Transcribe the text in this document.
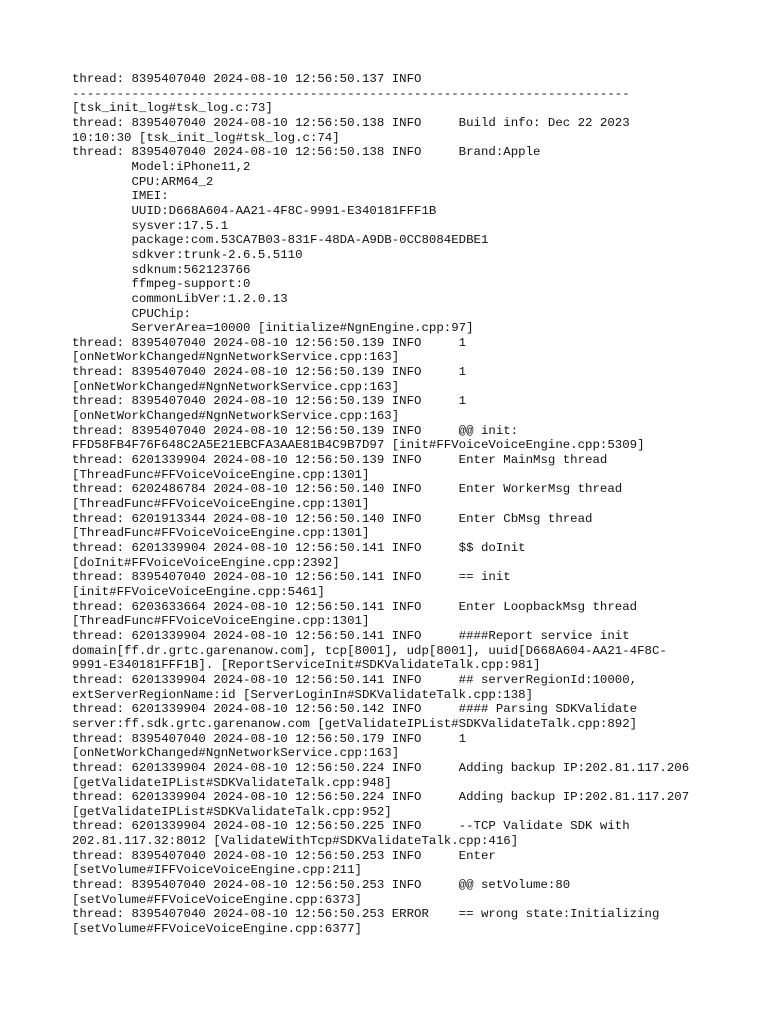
thread: 8395407040 2024-08-10 12:56:50.137 INFO
---------------------------------------------------------------------------
[tsk_init_log#tsk_log.c:73]
thread: 8395407040 2024-08-10 12:56:50.138 INFO     Build info: Dec 22 2023
10:10:30 [tsk_init_log#tsk_log.c:74]
thread: 8395407040 2024-08-10 12:56:50.138 INFO     Brand:Apple
Model:iPhone11,2
CPU:ARM64_2
IMEI:
UUID:D668A604-AA21-4F8C-9991-E340181FFF1B
sysver:17.5.1
package:com.53CA7B03-831F-48DA-A9DB-0CC8084EDBE1
sdkver:trunk-2.6.5.5110
sdknum:562123766
ffmpeg-support:0
commonLibVer:1.2.0.13
CPUChip:
ServerArea=10000 [initialize#NgnEngine.cpp:97]
thread: 8395407040 2024-08-10 12:56:50.139 INFO     1
[onNetWorkChanged#NgnNetworkService.cpp:163]
thread: 8395407040 2024-08-10 12:56:50.139 INFO     1
[onNetWorkChanged#NgnNetworkService.cpp:163]
thread: 8395407040 2024-08-10 12:56:50.139 INFO     1
[onNetWorkChanged#NgnNetworkService.cpp:163]
thread: 8395407040 2024-08-10 12:56:50.139 INFO     @@ init:
FFD58FB4F76F648C2A5E21EBCFA3AAE81B4C9B7D97 [init#FFVoiceVoiceEngine.cpp:5309]
thread: 6201339904 2024-08-10 12:56:50.139 INFO     Enter MainMsg thread
[ThreadFunc#FFVoiceVoiceEngine.cpp:1301]
thread: 6202486784 2024-08-10 12:56:50.140 INFO     Enter WorkerMsg thread
[ThreadFunc#FFVoiceVoiceEngine.cpp:1301]
thread: 6201913344 2024-08-10 12:56:50.140 INFO     Enter CbMsg thread
[ThreadFunc#FFVoiceVoiceEngine.cpp:1301]
thread: 6201339904 2024-08-10 12:56:50.141 INFO     $$ doInit
[doInit#FFVoiceVoiceEngine.cpp:2392]
thread: 8395407040 2024-08-10 12:56:50.141 INFO     == init
[init#FFVoiceVoiceEngine.cpp:5461]
thread: 6203633664 2024-08-10 12:56:50.141 INFO     Enter LoopbackMsg thread
[ThreadFunc#FFVoiceVoiceEngine.cpp:1301]
thread: 6201339904 2024-08-10 12:56:50.141 INFO     ####Report service init
domain[ff.dr.grtc.garenanow.com], tcp[8001], udp[8001], uuid[D668A604-AA21-4F8C-
9991-E340181FFF1B]. [ReportServiceInit#SDKValidateTalk.cpp:981]
thread: 6201339904 2024-08-10 12:56:50.141 INFO     ## serverRegionId:10000,
extServerRegionName:id [ServerLoginIn#SDKValidateTalk.cpp:138]
thread: 6201339904 2024-08-10 12:56:50.142 INFO     #### Parsing SDKValidate
server:ff.sdk.grtc.garenanow.com [getValidateIPList#SDKValidateTalk.cpp:892]
thread: 8395407040 2024-08-10 12:56:50.179 INFO     1
[onNetWorkChanged#NgnNetworkService.cpp:163]
thread: 6201339904 2024-08-10 12:56:50.224 INFO     Adding backup IP:202.81.117.206
[getValidateIPList#SDKValidateTalk.cpp:948]
thread: 6201339904 2024-08-10 12:56:50.224 INFO     Adding backup IP:202.81.117.207
[getValidateIPList#SDKValidateTalk.cpp:952]
thread: 6201339904 2024-08-10 12:56:50.225 INFO     --TCP Validate SDK with
202.81.117.32:8012 [ValidateWithTcp#SDKValidateTalk.cpp:416]
thread: 8395407040 2024-08-10 12:56:50.253 INFO     Enter
[setVolume#IFFVoiceVoiceEngine.cpp:211]
thread: 8395407040 2024-08-10 12:56:50.253 INFO     @@ setVolume:80
[setVolume#FFVoiceVoiceEngine.cpp:6373]
thread: 8395407040 2024-08-10 12:56:50.253 ERROR    == wrong state:Initializing
[setVolume#FFVoiceVoiceEngine.cpp:6377]
